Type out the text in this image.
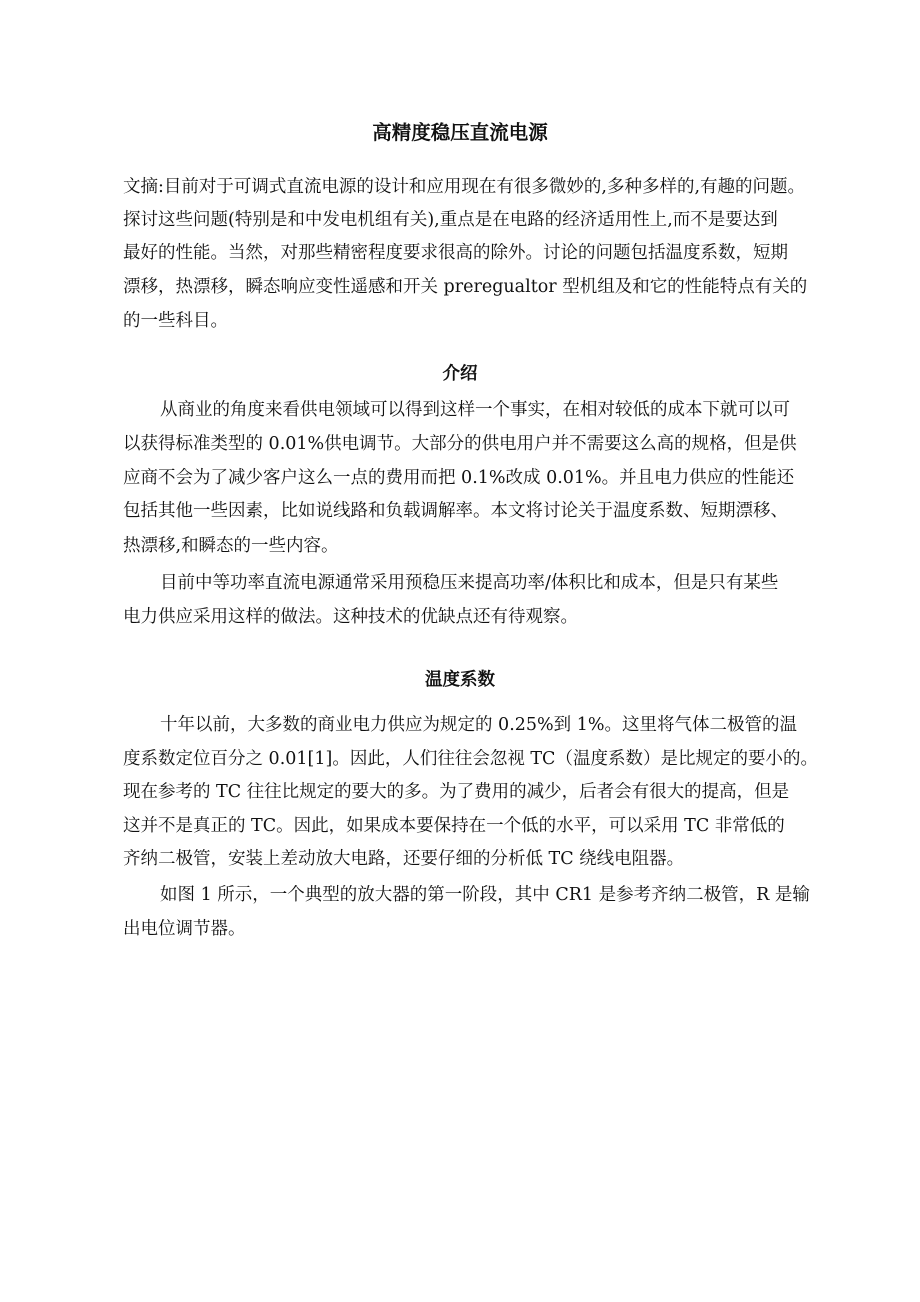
高精度稳压直流电源
文摘:目前对于可调式直流电源的设计和应用现在有很多微妙的,多种多样的,有趣的问题。
探讨这些问题(特别是和中发电机组有关),重点是在电路的经济适用性上,而不是要达到
最好的性能。当然，对那些精密程度要求很高的除外。讨论的问题包括温度系数，短期
漂移，热漂移，瞬态响应变性遥感和开关 preregualtor 型机组及和它的性能特点有关的
的一些科目。
介绍
从商业的角度来看供电领域可以得到这样一个事实，在相对较低的成本下就可以可
以获得标准类型的 0.01%供电调节。大部分的供电用户并不需要这么高的规格，但是供
应商不会为了减少客户这么一点的费用而把 0.1%改成 0.01%。并且电力供应的性能还
包括其他一些因素，比如说线路和负载调解率。本文将讨论关于温度系数、短期漂移、
热漂移,和瞬态的一些内容。
目前中等功率直流电源通常采用预稳压来提高功率/体积比和成本，但是只有某些
电力供应采用这样的做法。这种技术的优缺点还有待观察。
温度系数
十年以前，大多数的商业电力供应为规定的 0.25%到 1%。这里将气体二极管的温
度系数定位百分之 0.01[1]。因此，人们往往会忽视 TC（温度系数）是比规定的要小的。
现在参考的 TC 往往比规定的要大的多。为了费用的减少，后者会有很大的提高，但是
这并不是真正的 TC。因此，如果成本要保持在一个低的水平，可以采用 TC 非常低的
齐纳二极管，安装上差动放大电路，还要仔细的分析低 TC 绕线电阻器。
如图 1 所示，一个典型的放大器的第一阶段，其中 CR1 是参考齐纳二极管，R 是输
出电位调节器。
